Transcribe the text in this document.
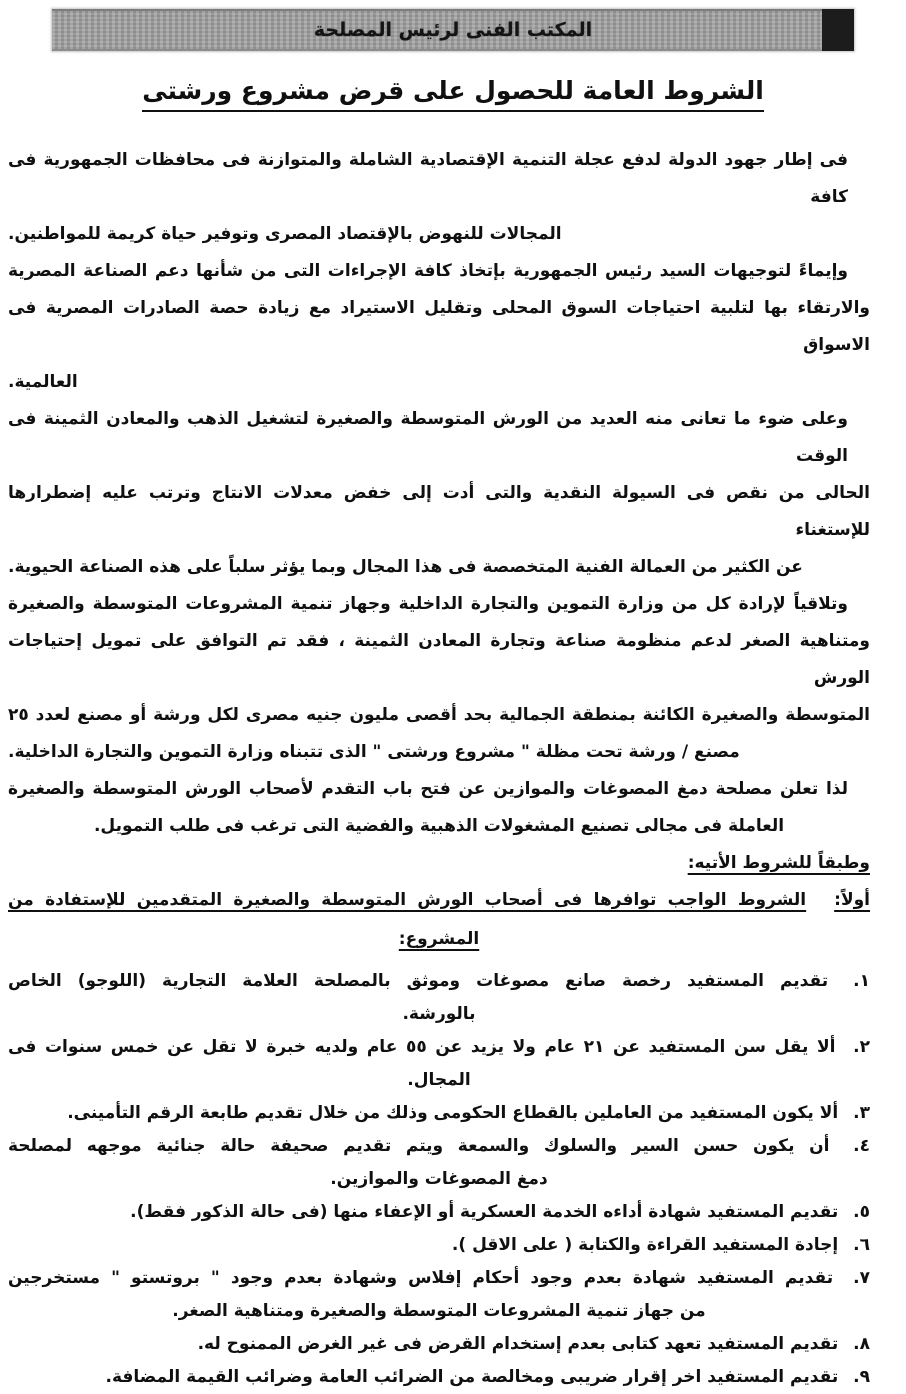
المكتب الفنى لرئيس المصلحة
الشروط العامة للحصول على قرض مشروع ورشتى
فى إطار جهود الدولة لدفع عجلة التنمية الإقتصادية الشاملة والمتوازنة فى محافظات الجمهورية فى كافة
المجالات للنهوض بالإقتصاد المصرى وتوفير حياة كريمة للمواطنين.
وإيماءً لتوجيهات السيد رئيس الجمهورية بإتخاذ كافة الإجراءات التى من شأنها دعم الصناعة المصرية
والارتقاء بها لتلبية احتياجات السوق المحلى وتقليل الاستيراد مع زيادة حصة الصادرات المصرية فى الاسواق
العالمية.
وعلى ضوء ما تعانى منه العديد من الورش المتوسطة والصغيرة لتشغيل الذهب والمعادن الثمينة فى الوقت
الحالى من نقص فى السيولة النقدية والتى أدت إلى خفض معدلات الانتاج وترتب عليه إضطرارها للإستغناء
عن الكثير من العمالة الفنية المتخصصة فى هذا المجال وبما يؤثر سلباً على هذه الصناعة الحيوية.
وتلاقياً لإرادة كل من وزارة التموين والتجارة الداخلية وجهاز تنمية المشروعات المتوسطة والصغيرة
ومتناهية الصغر لدعم منظومة صناعة وتجارة المعادن الثمينة ، فقد تم التوافق على تمويل إحتياجات الورش
المتوسطة والصغيرة الكائنة بمنطقة الجمالية بحد أقصى مليون جنيه مصرى لكل ورشة أو مصنع لعدد ٢٥
مصنع / ورشة تحت مظلة " مشروع ورشتى " الذى تتبناه وزارة التموين والتجارة الداخلية.
لذا تعلن مصلحة دمغ المصوغات والموازين عن فتح باب التقدم لأصحاب الورش المتوسطة والصغيرة
العاملة فى مجالى تصنيع المشغولات الذهبية والفضية التى ترغب فى طلب التمويل.
وطبقاً للشروط الأتيه:
أولاً:
الشروط الواجب توافرها فى أصحاب الورش المتوسطة والصغيرة المتقدمين للإستفادة من
المشروع:
١. تقديم المستفيد رخصة صانع مصوغات وموثق بالمصلحة العلامة التجارية (اللوجو) الخاص
بالورشة.
٢. ألا يقل سن المستفيد عن ٢١ عام ولا يزيد عن ٥٥ عام ولديه خبرة لا تقل عن خمس سنوات فى
المجال.
٣. ألا يكون المستفيد من العاملين بالقطاع الحكومى وذلك من خلال تقديم طابعة الرقم التأمينى.
٤. أن يكون حسن السير والسلوك والسمعة ويتم تقديم صحيفة حالة جنائية موجهه لمصلحة
دمغ المصوغات والموازين.
٥. تقديم المستفيد شهادة أداءه الخدمة العسكرية أو الإعفاء منها (فى حالة الذكور فقط).
٦. إجادة المستفيد القراءة والكتابة ( على الاقل ).
٧. تقديم المستفيد شهادة بعدم وجود أحكام إفلاس وشهادة بعدم وجود " بروتستو " مستخرجين
من جهاز تنمية المشروعات المتوسطة والصغيرة ومتناهية الصغر.
٨. تقديم المستفيد تعهد كتابى بعدم إستخدام القرض فى غير الغرض الممنوح له.
٩. تقديم المستفيد اخر إقرار ضريبى ومخالصة من الضرائب العامة وضرائب القيمة المضافة.
